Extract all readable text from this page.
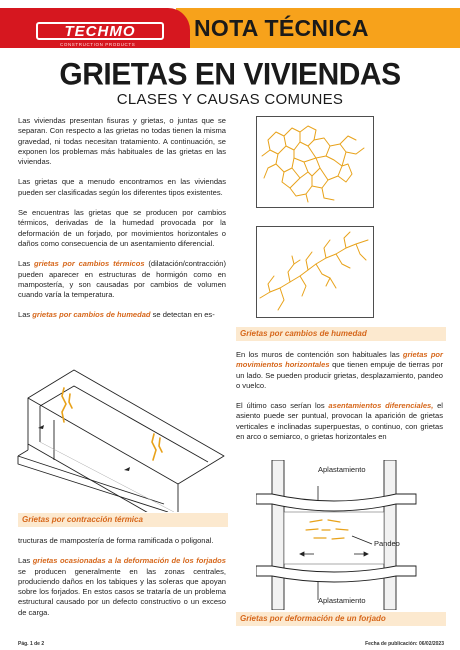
NOTA TÉCNICA
TECHMO
CONSTRUCTION PRODUCTS
GRIETAS EN VIVIENDAS
CLASES Y CAUSAS COMUNES

Las viviendas presentan fisuras y grietas, o juntas que se separan. Con respecto a las grietas no todas tienen la misma gravedad, ni todas necesitan tratamiento. A continuación, se exponen los problemas más habituales de las grietas en las viviendas.

Las grietas que a menudo encontramos en las viviendas pueden ser clasificadas según los diferentes tipos existentes.

Se encuentras las grietas que se producen por cambios térmicos, derivadas de la humedad provocada por la deformación de un forjado, por movimientos horizontales o daños como consecuencia de un asentamiento diferencial.

Las grietas por cambios térmicos (dilatación/contracción) pueden aparecer en estructuras de hormigón como en mampostería, y son causadas por cambios de volumen cuando varía la temperatura.

Las grietas por cambios de humedad se detectan en es-

tructuras de mampostería de forma ramificada o poligonal.

Las grietas ocasionadas a la deformación de los forjados se producen generalmente en las zonas centrales, produciendo daños en los tabiques y las soleras que apoyan sobre los forjados. En estos casos se trataría de un problema estructural causado por un defecto constructivo o un exceso de carga.

En los muros de contención son habituales las grietas por movimientos horizontales que tienen empuje de tierras por un lado. Se pueden producir grietas, desplazamiento, pandeo o vuelco.

El último caso serían los asentamientos diferenciales, el asiento puede ser puntual, provocan la aparición de grietas verticales e inclinadas superpuestas, o continuo, con grietas en arco o semiarco, o grietas horizontales en

Grietas por cambios de humedad
Grietas por contracción térmica
Aplastamiento
Pandeo
Aplastamiento
Grietas por deformación de un forjado
Pág. 1 de 2	Fecha de publicación: 06/02/2023
